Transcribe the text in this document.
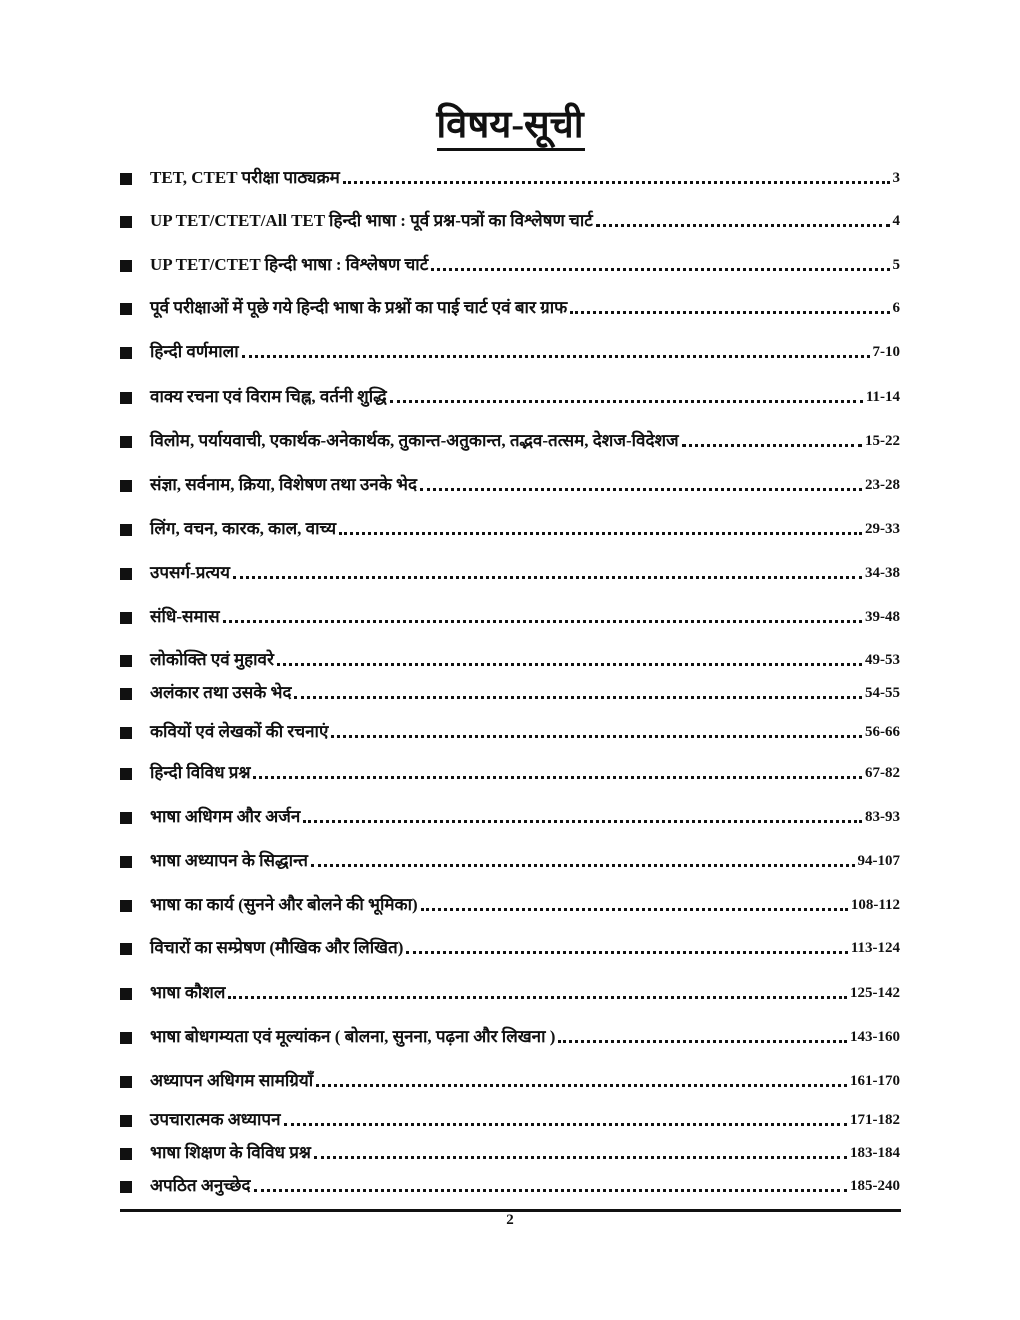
विषय-सूची
TET, CTET परीक्षा पाठ्यक्रम	3
UP TET/CTET/All TET हिन्दी भाषा : पूर्व प्रश्न-पत्रों का विश्लेषण चार्ट	4
UP TET/CTET हिन्दी भाषा : विश्लेषण चार्ट	5
पूर्व परीक्षाओं में पूछे गये हिन्दी भाषा के प्रश्नों का पाई चार्ट एवं बार ग्राफ	6
हिन्दी वर्णमाला	7-10
वाक्य रचना एवं विराम चिह्न, वर्तनी शुद्धि	11-14
विलोम, पर्यायवाची, एकार्थक-अनेकार्थक, तुकान्त-अतुकान्त, तद्भव-तत्सम, देशज-विदेशज	15-22
संज्ञा, सर्वनाम, क्रिया, विशेषण तथा उनके भेद	23-28
लिंग, वचन, कारक, काल, वाच्य	29-33
उपसर्ग-प्रत्यय	34-38
संधि-समास	39-48
लोकोक्ति एवं मुहावरे	49-53
अलंकार तथा उसके भेद	54-55
कवियों एवं लेखकों की रचनाएं	56-66
हिन्दी विविध प्रश्न	67-82
भाषा अधिगम और अर्जन	83-93
भाषा अध्यापन के सिद्धान्त	94-107
भाषा का कार्य (सुनने और बोलने की भूमिका)	108-112
विचारों का सम्प्रेषण (मौखिक और लिखित)	113-124
भाषा कौशल	125-142
भाषा बोधगम्यता एवं मूल्यांकन ( बोलना, सुनना, पढ़ना और लिखना )	143-160
अध्यापन अधिगम सामग्रियाँ	161-170
उपचारात्मक अध्यापन	171-182
भाषा शिक्षण के विविध प्रश्न	183-184
अपठित अनुच्छेद	185-240
2
